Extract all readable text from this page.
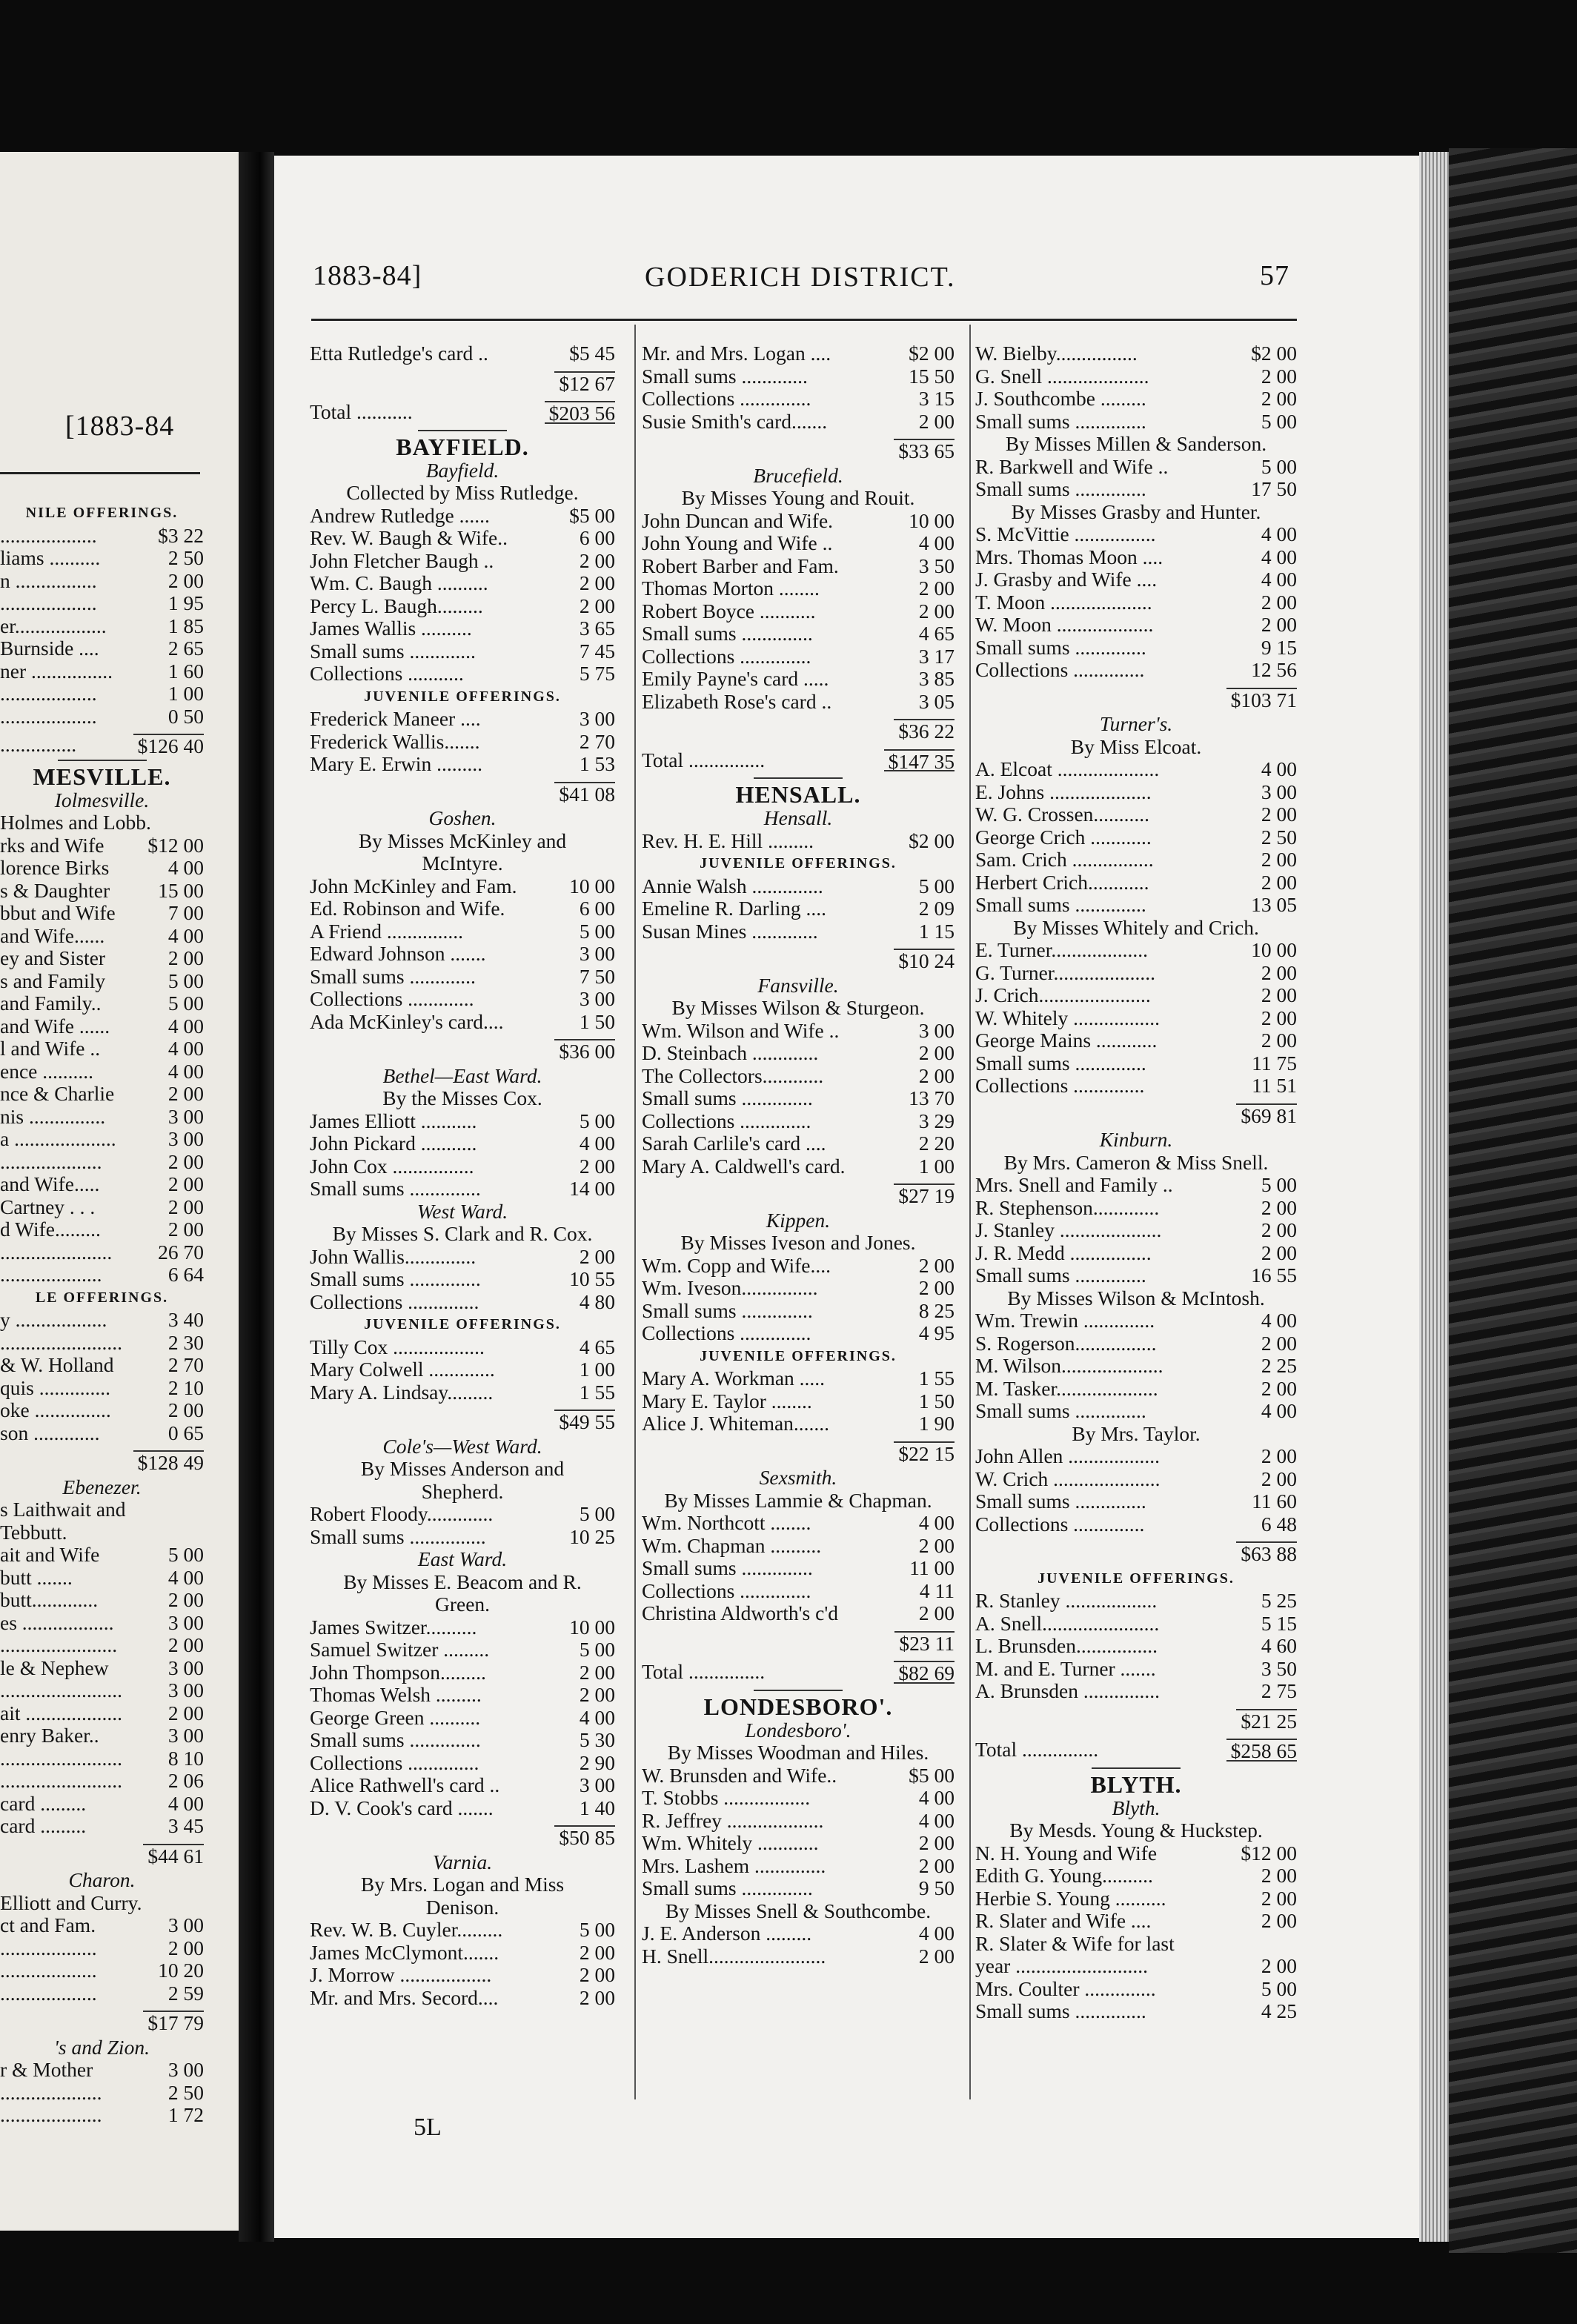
[1883-84
NILE OFFERINGS.
...................	$3 22
liams ..........	2 50
n ................	2 00
...................	1 95
er..................	1 85
Burnside ....	2 65
ner ................	1 60
...................	1 00
...................	0 50
...............	$126 40
MESVILLE.
Iolmesville.
Holmes and Lobb.
rks and Wife	$12 00
lorence Birks	4 00
s & Daughter	15 00
bbut and Wife	7 00
and Wife......	4 00
ey and Sister	2 00
s and Family	5 00
and Family..	5 00
and Wife ......	4 00
l and Wife ..	4 00
ence ..........	4 00
nce & Charlie	2 00
nis ...............	3 00
a ....................	3 00
....................	2 00
and Wife.....	2 00
Cartney . . .	2 00
d Wife.........	2 00
......................	26 70
....................	6 64
LE OFFERINGS.
y ..................	3 40
........................	2 30
& W. Holland	2 70
quis ..............	2 10
oke ...............	2 00
son .............	0 65
$128 49
Ebenezer.
s Laithwait and
Tebbutt.
ait and Wife	5 00
butt .......	4 00
butt.............	2 00
es ..................	3 00
.......................	2 00
le & Nephew	3 00
........................	3 00
ait ...................	2 00
enry Baker..	3 00
........................	8 10
........................	2 06
card .........	4 00
card .........	3 45
$44 61
Charon.
Elliott and Curry.
ct and Fam.	3 00
...................	2 00
...................	10 20
...................	2 59
$17 79
's and Zion.
r & Mother	3 00
....................	2 50
....................	1 72
1883-84]	GODERICH DISTRICT.	57
Etta Rutledge's card ..	$5 45
$12 67
Total ...........	$203 56
BAYFIELD.
Bayfield.
Collected by Miss Rutledge.
Andrew Rutledge ......	$5 00
Rev. W. Baugh & Wife..	6 00
John Fletcher Baugh ..	2 00
Wm. C. Baugh ..........	2 00
Percy L. Baugh.........	2 00
James Wallis ..........	3 65
Small sums .............	7 45
Collections ...........	5 75
JUVENILE OFFERINGS.
Frederick Maneer ....	3 00
Frederick Wallis.......	2 70
Mary E. Erwin .........	1 53
$41 08
Goshen.
By Misses McKinley and
McIntyre.
John McKinley and Fam.	10 00
Ed. Robinson and Wife.	6 00
A Friend ...............	5 00
Edward Johnson .......	3 00
Small sums .............	7 50
Collections .............	3 00
Ada McKinley's card....	1 50
$36 00
Bethel—East Ward.
By the Misses Cox.
James Elliott ...........	5 00
John Pickard ...........	4 00
John Cox ................	2 00
Small sums ..............	14 00
West Ward.
By Misses S. Clark and R. Cox.
John Wallis..............	2 00
Small sums ..............	10 55
Collections ..............	4 80
JUVENILE OFFERINGS.
Tilly Cox ..................	4 65
Mary Colwell .............	1 00
Mary A. Lindsay.........	1 55
$49 55
Cole's—West Ward.
By Misses Anderson and
Shepherd.
Robert Floody.............	5 00
Small sums ...............	10 25
East Ward.
By Misses E. Beacom and R.
Green.
James Switzer..........	10 00
Samuel Switzer .........	5 00
John Thompson.........	2 00
Thomas Welsh .........	2 00
George Green ..........	4 00
Small sums ..............	5 30
Collections ..............	2 90
Alice Rathwell's card ..	3 00
D. V. Cook's card .......	1 40
$50 85
Varnia.
By Mrs. Logan and Miss
Denison.
Rev. W. B. Cuyler.........	5 00
James McClymont.......	2 00
J. Morrow ..................	2 00
Mr. and Mrs. Secord....	2 00
Mr. and Mrs. Logan ....	$2 00
Small sums .............	15 50
Collections ..............	3 15
Susie Smith's card.......	2 00
$33 65
Brucefield.
By Misses Young and Rouit.
John Duncan and Wife.	10 00
John Young and Wife ..	4 00
Robert Barber and Fam.	3 50
Thomas Morton ........	2 00
Robert Boyce ...........	2 00
Small sums ..............	4 65
Collections ..............	3 17
Emily Payne's card .....	3 85
Elizabeth Rose's card ..	3 05
$36 22
Total ...............	$147 35
HENSALL.
Hensall.
Rev. H. E. Hill .........	$2 00
JUVENILE OFFERINGS.
Annie Walsh ..............	5 00
Emeline R. Darling ....	2 09
Susan Mines .............	1 15
$10 24
Fansville.
By Misses Wilson & Sturgeon.
Wm. Wilson and Wife ..	3 00
D. Steinbach .............	2 00
The Collectors............	2 00
Small sums ..............	13 70
Collections ..............	3 29
Sarah Carlile's card ....	2 20
Mary A. Caldwell's card.	1 00
$27 19
Kippen.
By Misses Iveson and Jones.
Wm. Copp and Wife....	2 00
Wm. Iveson...............	2 00
Small sums ..............	8 25
Collections ..............	4 95
JUVENILE OFFERINGS.
Mary A. Workman .....	1 55
Mary E. Taylor ........	1 50
Alice J. Whiteman.......	1 90
$22 15
Sexsmith.
By Misses Lammie & Chapman.
Wm. Northcott ........	4 00
Wm. Chapman ..........	2 00
Small sums ..............	11 00
Collections ..............	4 11
Christina Aldworth's c'd	2 00
$23 11
Total ...............	$82 69
LONDESBORO'.
Londesboro'.
By Misses Woodman and Hiles.
W. Brunsden and Wife..	$5 00
T. Stobbs .................	4 00
R. Jeffrey ...................	4 00
Wm. Whitely ............	2 00
Mrs. Lashem ..............	2 00
Small sums ..............	9 50
By Misses Snell & Southcombe.
J. E. Anderson .........	4 00
H. Snell.......................	2 00
W. Bielby................	$2 00
G. Snell ....................	2 00
J. Southcombe .........	2 00
Small sums ..............	5 00
By Misses Millen & Sanderson.
R. Barkwell and Wife ..	5 00
Small sums ..............	17 50
By Misses Grasby and Hunter.
S. McVittie ................	4 00
Mrs. Thomas Moon ....	4 00
J. Grasby and Wife ....	4 00
T. Moon ....................	2 00
W. Moon ...................	2 00
Small sums ..............	9 15
Collections ..............	12 56
$103 71
Turner's.
By Miss Elcoat.
A. Elcoat ....................	4 00
E. Johns ....................	3 00
W. G. Crossen...........	2 00
George Crich ............	2 50
Sam. Crich ................	2 00
Herbert Crich............	2 00
Small sums ..............	13 05
By Misses Whitely and Crich.
E. Turner...................	10 00
G. Turner....................	2 00
J. Crich......................	2 00
W. Whitely .................	2 00
George Mains ............	2 00
Small sums ..............	11 75
Collections ..............	11 51
$69 81
Kinburn.
By Mrs. Cameron & Miss Snell.
Mrs. Snell and Family ..	5 00
R. Stephenson.............	2 00
J. Stanley ....................	2 00
J. R. Medd ................	2 00
Small sums ..............	16 55
By Misses Wilson & McIntosh.
Wm. Trewin ..............	4 00
S. Rogerson................	2 00
M. Wilson....................	2 25
M. Tasker....................	2 00
Small sums ..............	4 00
By Mrs. Taylor.
John Allen ..................	2 00
W. Crich .....................	2 00
Small sums ..............	11 60
Collections ..............	6 48
$63 88
JUVENILE OFFERINGS.
R. Stanley ..................	5 25
A. Snell.......................	5 15
L. Brunsden................	4 60
M. and E. Turner .......	3 50
A. Brunsden ...............	2 75
$21 25
Total ...............	$258 65
BLYTH.
Blyth.
By Mesds. Young & Huckstep.
N. H. Young and Wife	$12 00
Edith G. Young..........	2 00
Herbie S. Young ..........	2 00
R. Slater and Wife ....	2 00
R. Slater & Wife for last
year ..........................	2 00
Mrs. Coulter ..............	5 00
Small sums ..............	4 25
5L
